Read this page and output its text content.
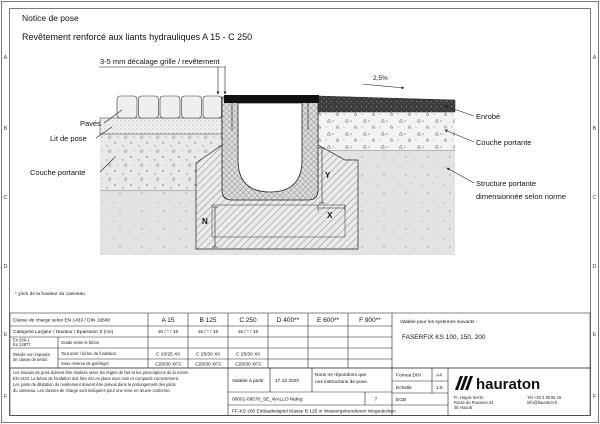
A
B
C
D
E
F
A
B
C
D
E
F
Notice de pose
Revêtement renforcé aux liants hydrauliques A 15 - C 250
3-5 mm décalage grille / revêtement
2,5%
Pavés
Lit de pose
Couche portante
Enrobé
Couche portante
Structure portante
dimensionnée selon norme
Y
X
N
* y/x/n de la hauteur du caniveau
Classe de charge selon EN 1433 / DIN 19580	A 15	B 125	C 250	D 400**	E 600**	F 900**
Catégorie Largeur / Hauteur / Épaisseur Z (cm)	10 / * / 10	15 / * / 10	15 / * / 10
En 206-1
En 13877	Grade selon le béton
Détails non imposés
de classe de béton
Tout acier / béton de fondation	C 20/25 X0	C 25/30 X0	C 25/30 X0
Sous réserve de gel/dégel	C25/30 XF3	C25/30 XF3	C25/30 XF3
Valable pour les systèmes suivants :
FASERFIX KS 100, 150, 200
Les travaux de pose doivent être réalisés selon les règles de l'art et les prescriptions de la norme
EN 1433. Le béton de fondation doit être mis en place avec soin et compacté correctement.
Les joints de dilatation du revêtement doivent être prévus dans le prolongement des joints
du caniveau. Les classes de charge sont indiquées pour une mise en œuvre conforme.
Valable à partir 17.10.2020
Nous ne répondons que
nos instructions de pose.
00001-09570_SE_WALLO Nideg	7
FF-KS 200 Einbaubeispiel Klasse B 125 in Wassergebundenen Wegedecken
Format DIN	A4
Echelle	1:5
EGB
hauraton
Fr. Hayek Sects
Route de Rousses 24
48 Hourat
Tél +33 4 35 65 15
info@hauraton.fr
